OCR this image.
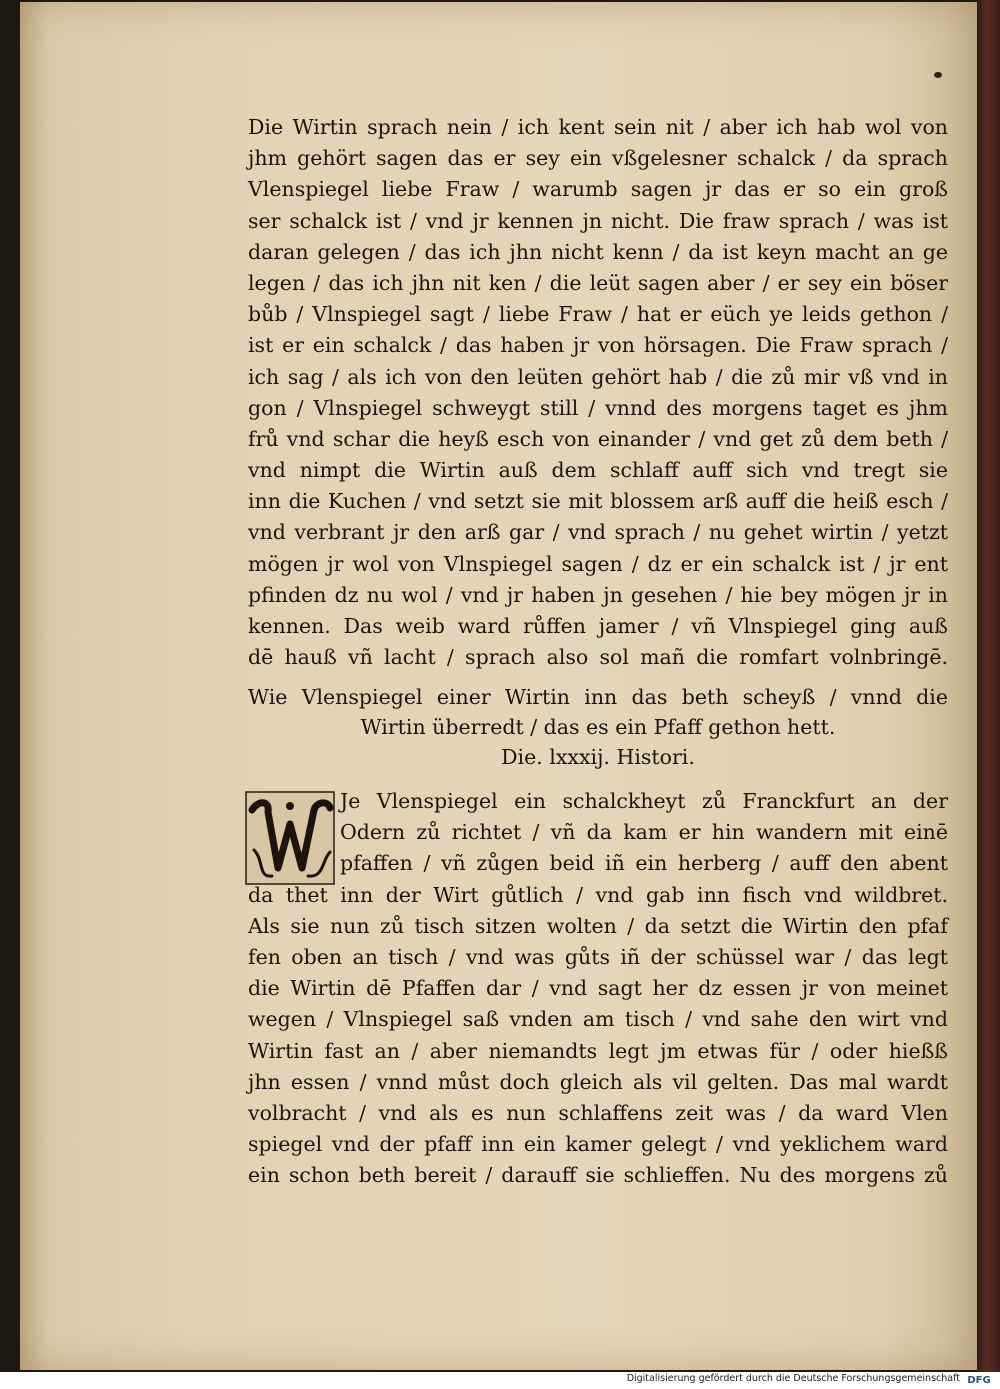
Die Wirtin sprach nein / ich kent sein nit / aber ich hab wol von
jhm gehört sagen das er sey ein vßgelesner schalck / da sprach
Vlenspiegel liebe Fraw / warumb sagen jr das er so ein groß
ser schalck ist / vnd jr kennen jn nicht. Die fraw sprach / was ist
daran gelegen / das ich jhn nicht kenn / da ist keyn macht an ge
legen / das ich jhn nit ken / die leüt sagen aber / er sey ein böser
bůb / Vlnspiegel sagt / liebe Fraw / hat er eüch ye leids gethon /
ist er ein schalck / das haben jr von hörsagen. Die Fraw sprach /
ich sag / als ich von den leüten gehört hab / die zů mir vß vnd in
gon / Vlnspiegel schweygt still / vnnd des morgens taget es jhm
frů vnd schar die heyß esch von einander / vnd get zů dem beth /
vnd nimpt die Wirtin auß dem schlaff auff sich vnd tregt sie
inn die Kuchen / vnd setzt sie mit blossem arß auff die heiß esch /
vnd verbrant jr den arß gar / vnd sprach / nu gehet wirtin / yetzt
mögen jr wol von Vlnspiegel sagen / dz er ein schalck ist / jr ent
pfinden dz nu wol / vnd jr haben jn gesehen / hie bey mögen jr in
kennen. Das weib ward růffen jamer / vñ Vlnspiegel ging auß
dē hauß vñ lacht / sprach also sol mañ die romfart volnbringē.
Wie Vlenspiegel einer Wirtin inn das beth scheyß / vnnd die
Wirtin überredt / das es ein Pfaff gethon hett.
Die. lxxxij. Histori.
W
Je Vlenspiegel ein schalckheyt zů Franckfurt an der
Odern zů richtet / vñ da kam er hin wandern mit einē
pfaffen / vñ zůgen beid iñ ein herberg / auff den abent
da thet inn der Wirt gůtlich / vnd gab inn fisch vnd wildbret.
Als sie nun zů tisch sitzen wolten / da setzt die Wirtin den pfaf
fen oben an tisch / vnd was gůts iñ der schüssel war / das legt
die Wirtin dē Pfaffen dar / vnd sagt her dz essen jr von meinet
wegen / Vlnspiegel saß vnden am tisch / vnd sahe den wirt vnd
Wirtin fast an / aber niemandts legt jm etwas für / oder hießß
jhn essen / vnnd můst doch gleich als vil gelten. Das mal wardt
volbracht / vnd als es nun schlaffens zeit was / da ward Vlen
spiegel vnd der pfaff inn ein kamer gelegt / vnd yeklichem ward
ein schon beth bereit / darauff sie schlieffen. Nu des morgens zů
Digitalisierung gefördert durch die Deutsche Forschungsgemeinschaft DFG
